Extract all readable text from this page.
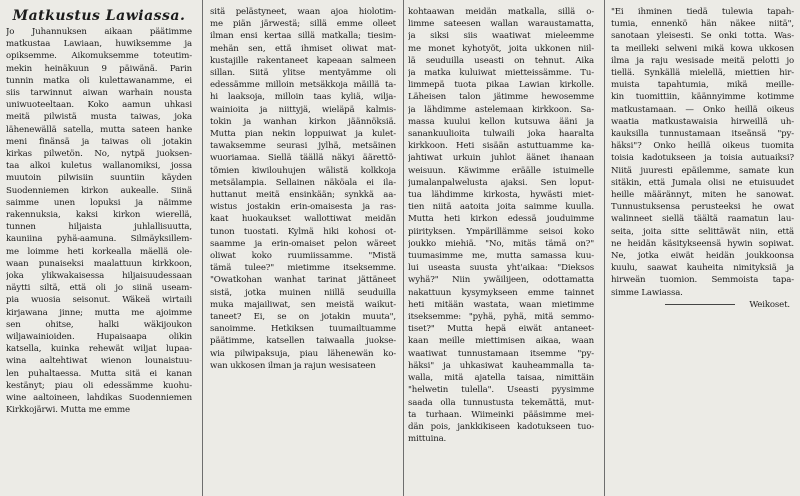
Matkustus Lawiassa.
Jo Juhannuksen aikaan päätimme
matkustaa Lawiaan, huwiksemme ja
opiksemme. Aikomuksemme toteutim-
mekin heinäkuun 9 päiwänä. Parin
tunnin matka oli kulettawanamme, ei
siis tarwinnut aiwan warhain nousta
uniwuoteeltaan. Koko aamun uhkasi
meitä pilwistä musta taiwas, joka
lähenewällä satella, mutta sateen hanke
meni finänsä ja taiwas oli jotakin
kirkas pilwetön. No, nytpä juoksen-
taa alkoi kuletus wallanomiksi, jossa
muutoin pilwisiin suuntiin käyden
Suodenniemen kirkon aukealle. Siinä
saimme unen lopuksi ja näimme
rakennuksia, kaksi kirkon wierellä,
tunnen hiljaista juhlallisuutta,
kauniina pyhä-aamuna. Silmäyksillem-
me loimme heti korkealla mäellä ole-
waan punaiseksi maalattuun kirkkoon,
joka ylikwakaisessa hiljaisuudessaan
näytti siltä, että oli jo siinä useam-
pia wuosia seisonut. Wäkeä wirtaili
kirjawana jinne; mutta me ajoimme
sen ohitse, halki wäkijoukon
wiljawainioiden. Hupaisaapa olikin
katsella, kuinka rehewät wiljat lupaa-
wina aaltehtiwat wienon lounaistuu-
len puhaltaessa. Mutta sitä ei kanan
kestänyt; piau oli edessämme kuohu-
wine aaltoineen, lahdikas Suodenniemen
Kirkkojärwi. Mutta me emme
sitä pelästyneet, waan ajoa hiolotim-
me piän järwestä; sillä emme olleet
ilman ensi kertaa sillä matkalla; tiesim-
mehän sen, että ihmiset oliwat mat-
kustajille rakentaneet kapeaan salmeen
sillan. Siitä ylitse mentyämme oli
edessämme milloin metsäkkoja mäillä ta-
hi laaksoja, milloin taas kyliä, wilja-
wainioita ja niittyjä, wieläpä kalmis-
tokin ja wanhan kirkon jäännöksiä.
Mutta pian nekin loppuiwat ja kulet-
tawaksemme seurasi jylhä, metsäinen
wuoriamaa. Siellä täällä näkyi äärettö-
tömien kiwilouhujen wälistä kolkkoja
metsälampia. Sellainen näköala ei ila-
huttanut meitä ensinkään; synkkä aa-
wistus jostakin erin-omaisesta ja ras-
kaat huokaukset wallottiwat meidän
tunon tuostati. Kylmä hiki kohosi ot-
saamme ja erin-omaiset pelon wäreet
oliwat koko ruumiissamme. "Mistä
tämä tulee?" mietimme itseksemme.
"Owatkohan wanhat tarinat jättäneet
sistä, jotka muinen niillä seuduilla
muka majailiwat, sen meistä waikut-
taneet? Ei, se on jotakin muuta",
sanoimme. Hetkiksen tuumailtuamme
päätimme, katsellen taiwaalla juokse-
wia pilwipaksuja, piau lähenewän ko-
wan ukkosen ilman ja rajun wesisateen
kohtaawan meidän matkalla, sillä o-
limme sateesen wallan waraustamatta,
ja siksi siis waatiwat mieleemme
me monet kyhotyöt, joita ukkonen niil-
lä seuduilla useasti on tehnut. Aika
ja matka kuluiwat mietteissämme. Tu-
limmepä tuota pikaa Lawian kirkolle.
Läheisen talon jätimme hewosemme
ja lähdimme astelemaan kirkkoon. Sa-
massa kuului kellon kutsuwa ääni ja
sanankuulioita tulwaili joka haaralta
kirkkoon. Heti sisään astuttuamme ka-
jahtiwat urkuin juhlot äänet ihanaan
weisuun. Käwimme eräälle istuimelle
jumalanpalwelusta ajaksi. Sen loput-
tua lähdimme kirkosta, hywästi miet-
tien niitä aatoita joita saimme kuulla.
Mutta heti kirkon edessä jouduimme
piirityksen. Ympärillämme seisoi koko
joukko miehiä. "No, mitäs tämä on?"
tuumasimme me, mutta samassa kuu-
lui useasta suusta yht'aikaa: "Dieksos
wyhä?" Niin ywäilijeen, odottamatta
nakattuun kysymykseen emme tainnet
heti mitään wastata, waan mietimme
itseksemme: "pyhä, pyhä, mitä semmo-
tiset?" Mutta hepä eiwät antaneet-
kaan meille miettimisen aikaa, waan
waatiwat tunnustamaan itsemme "py-
häksi" ja uhkasiwat kauheammalla ta-
walla, mitä ajatella taisaa, nimittäin
"helwetin tulella". Useasti pyysimme
saada olla tunnustusta tekemättä, mut-
ta turhaan. Wiimeinki pääsimme mei-
dän pois, jankkikiseen kadotukseen tuo-
mittuina.
"Ei ihminen tiedä tulewia tapah-
tumia, ennenkö hän näkee niitä",
sanotaan yleisesti. Se onki totta. Was-
ta meilleki selweni mikä kowa ukkosen
ilma ja raju wesisade meitä pelotti jo
tiellä. Synkällä mielellä, miettien hir-
muista tapahtumia, mikä meille-
kin tuomittiin, käännyimme kotimme
matkustamaan. — Onko heillä oikeus
waatia matkustawaisia hirweillä uh-
kauksilla tunnustamaan itseänsä "py-
häksi"? Onko heillä oikeus tuomita
toisia kadotukseen ja toisia autuaiksi?
Niitä juuresti epäilemme, samate kun
sitäkin, että Jumala olisi ne etuisuudet
heille määrännyt, miten he sanowat.
Tunnustuksensa perusteeksi he owat
walinneet siellä täältä raamatun lau-
seita, joita sitte selittäwät niin, että
ne heidän käsitykseensä hywin sopiwat.
Ne, jotka eiwät heidän joukkoonsa
kuulu, saawat kauheita nimityksiä ja
hirweän tuomion. Semmoista tapa-
simme Lawiassa.
Weikoset.
